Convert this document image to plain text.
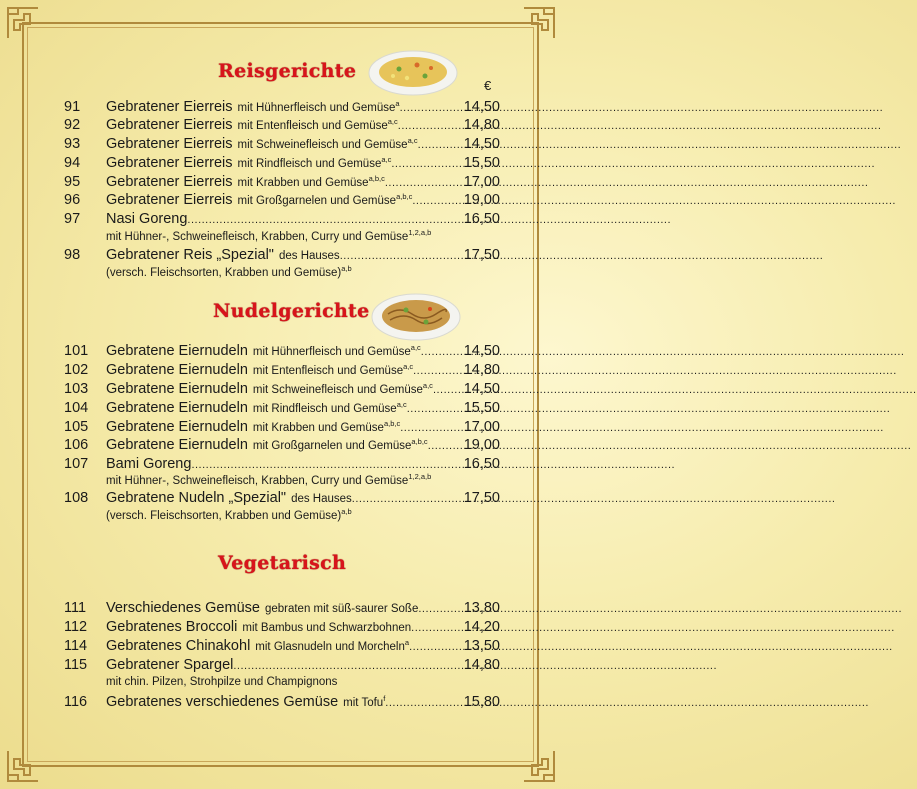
Reisgerichte
Nudelgerichte
Vegetarisch
€
91	Gebratener Eierreis mit Hühnerfleisch und Gemüse$^a$ .....	14,50
92	Gebratener Eierreis mit Entenfleisch und Gemüse$^{a,c}$ .....	14,80
93	Gebratener Eierreis mit Schweinefleisch und Gemüse$^{a,c}$ .....	14,50
94	Gebratener Eierreis mit Rindfleisch und Gemüse$^{a,c}$ .....	15,50
95	Gebratener Eierreis mit Krabben und Gemüse$^{a,b,c}$ .....	17,00
96	Gebratener Eierreis mit Großgarnelen und Gemüse$^{a,b,c}$ .....	19,00
97	Nasi Goreng .....	16,50
mit Hühner-, Schweinefleisch, Krabben, Curry und Gemüse$^{1,2,a,b}$
98	Gebratener Reis „Spezial" des Hauses .....	17,50
(versch. Fleischsorten, Krabben und Gemüse)$^{a,b}$
101	Gebratene Eiernudeln mit Hühnerfleisch und Gemüse$^{a,c}$ .....	14,50
102	Gebratene Eiernudeln mit Entenfleisch und Gemüse$^{a,c}$ .....	14,80
103	Gebratene Eiernudeln mit Schweinefleisch und Gemüse$^{a,c}$ ..... 14,50
104	Gebratene Eiernudeln mit Rindfleisch und Gemüse$^{a,c}$ .....	15,50
105	Gebratene Eiernudeln mit Krabben und Gemüse$^{a,b,c}$ .....	17,00
106	Gebratene Eiernudeln mit Großgarnelen und Gemüse$^{a,b,c}$ ..... 19,00
107	Bami Goreng .....	16,50
mit Hühner-, Schweinefleisch, Krabben, Curry und Gemüse$^{1,2,a,b}$
108	Gebratene Nudeln „Spezial" des Hauses .....	17,50
(versch. Fleischsorten, Krabben und Gemüse)$^{a,b}$
111	Verschiedenes Gemüse gebraten mit süß-saurer Soße .....	13,80
112	Gebratenes Broccoli mit Bambus und Schwarzbohnen .....	14,20
114	Gebratenes Chinakohl mit Glasnudeln und Morcheln$^a$ .....	13,50
115	Gebratener Spargel .....	14,80
mit chin. Pilzen, Strohpilze und Champignons
116	Gebratenes verschiedenes Gemüse mit Tofu$^f$ .....	15,80
